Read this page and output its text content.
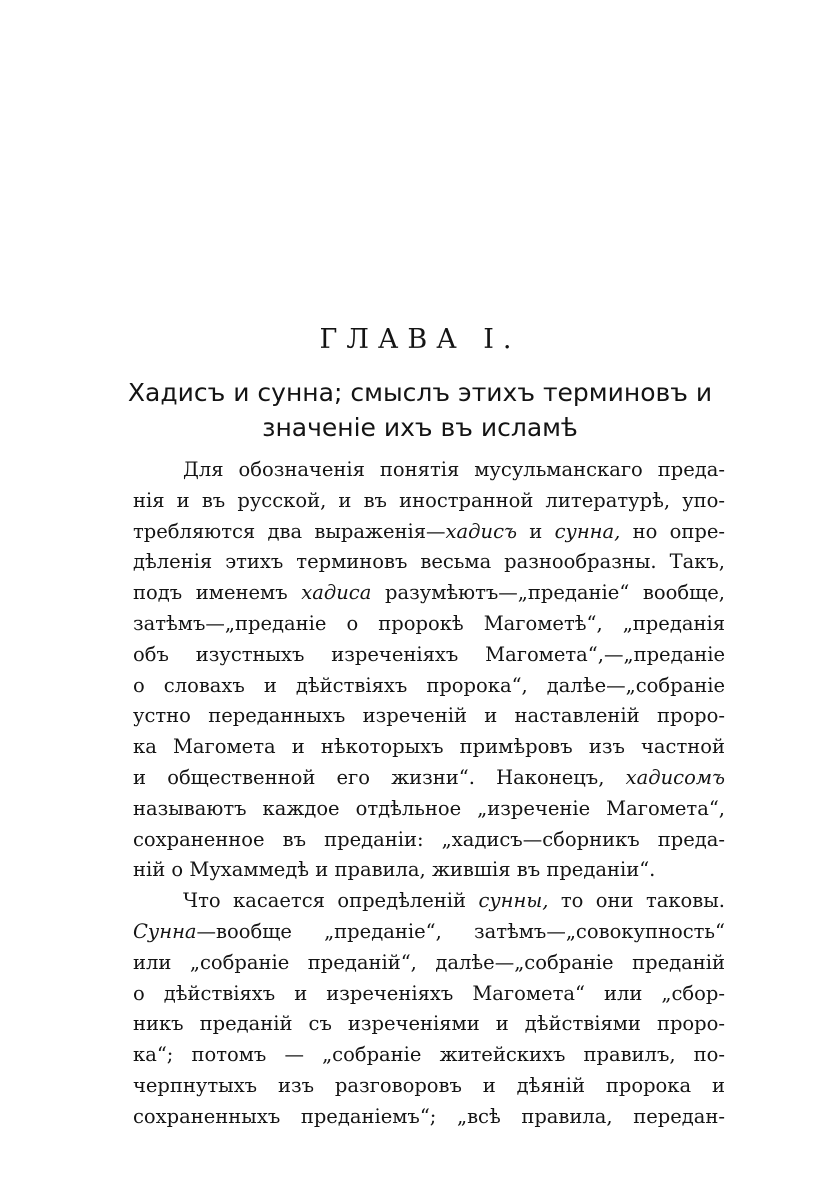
ГЛАВА I.
Хадисъ и сунна; смыслъ этихъ терминовъ и
значеніе ихъ въ исламѣ
Для обозначенія понятія мусульманскаго преда-
нія и въ русской, и въ иностранной литературѣ, упо-
требляются два выраженія—хадисъ и сунна, но опре-
дѣленія этихъ терминовъ весьма разнообразны. Такъ,
подъ именемъ хадиса разумѣютъ—„преданіе“ вообще,
затѣмъ—„преданіе о пророкѣ Магометѣ“, „преданія
объ изустныхъ изреченіяхъ Магомета“,—„преданіе
о словахъ и дѣйствіяхъ пророка“, далѣе—„собраніе
устно переданныхъ изреченій и наставленій проро-
ка Магомета и нѣкоторыхъ примѣровъ изъ частной
и общественной его жизни“. Наконецъ, хадисомъ
называютъ каждое отдѣльное „изреченіе Магомета“,
сохраненное въ преданіи: „хадисъ—сборникъ преда-
ній о Мухаммедѣ и правила, жившія въ преданіи“.
Что касается опредѣленій сунны, то они таковы.
Сунна—вообще „преданіе“, затѣмъ—„совокупность“
или „собраніе преданій“, далѣе—„собраніе преданій
о дѣйствіяхъ и изреченіяхъ Магомета“ или „сбор-
никъ преданій съ изреченіями и дѣйствіями проро-
ка“; потомъ — „собраніе житейскихъ правилъ, по-
черпнутыхъ изъ разговоровъ и дѣяній пророка и
сохраненныхъ преданіемъ“; „всѣ правила, передан-
